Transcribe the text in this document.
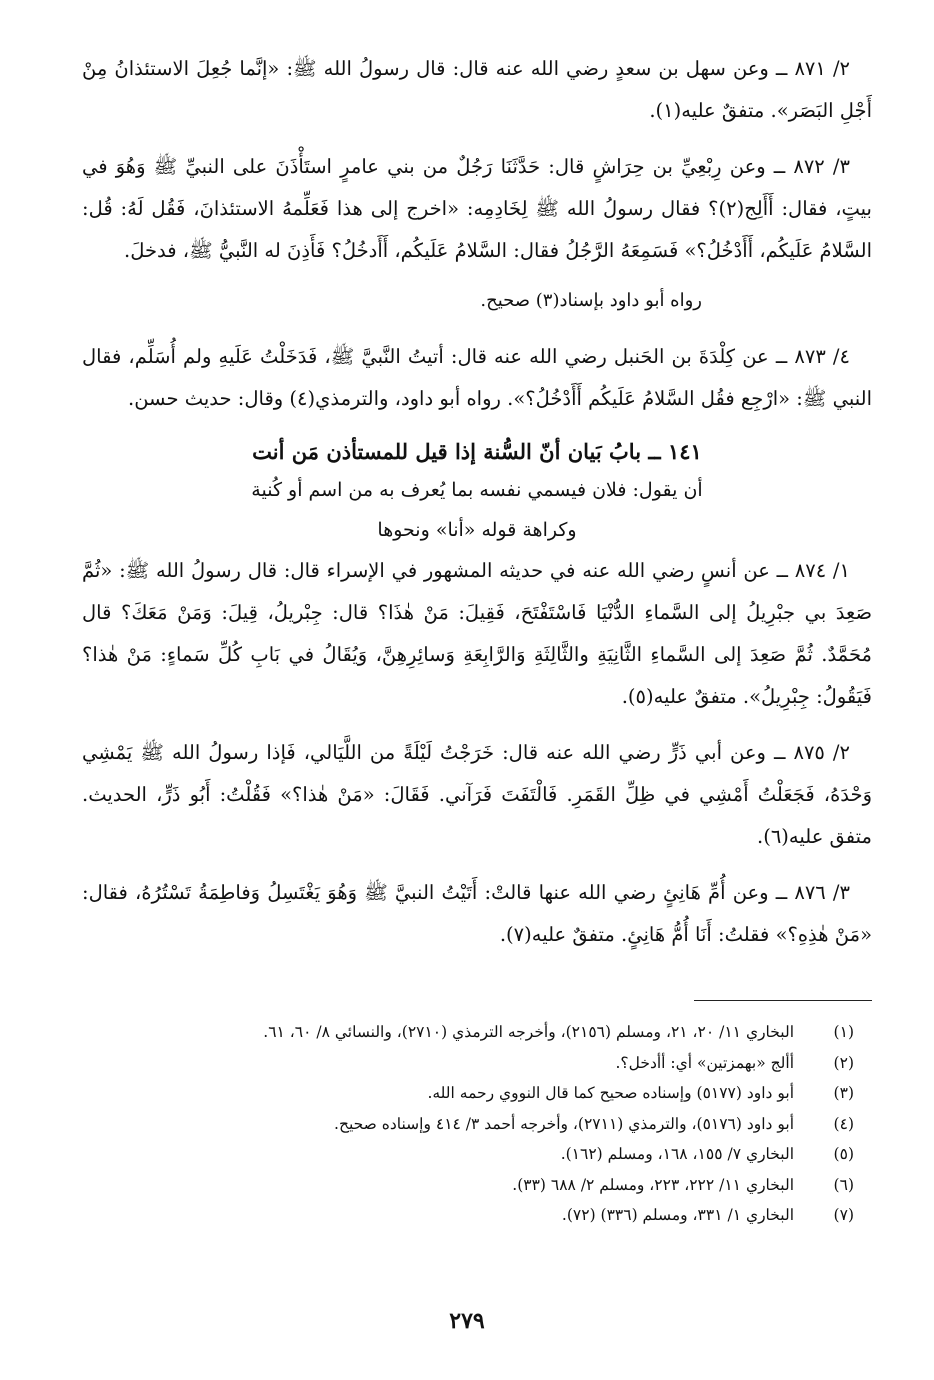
٢/ ٨٧١ ــ وعن سهل بن سعدٍ رضي الله عنه قال: قال رسولُ الله ﷺ: «إنَّما جُعِلَ الاستئذانُ مِنْ أَجْلِ البَصَر». متفقٌ عليه(١).

٣/ ٨٧٢ ــ وعن رِبْعِيِّ بن حِرَاشٍ قال: حَدَّثَنَا رَجُلٌ من بني عامرٍ استَأْذَنَ على النبيِّ ﷺ وَهُوَ في بيتٍ، فقال: أَأَلِج(٢)؟ فقال رسولُ الله ﷺ لِخَادِمِه: «اخرج إلى هذا فَعَلِّمهُ الاستئذانَ، فَقُل لَهُ: قُل: السَّلامُ عَلَيكُم، أَأَدْخُلُ؟» فَسَمِعَهُ الرَّجُلُ فقال: السَّلامُ عَلَيكُم، أَأَدخُلُ؟ فَأَذِنَ له النَّبيُّ ﷺ، فدخلَ.

رواه أبو داود بإسناد(٣) صحيح.

٤/ ٨٧٣ ــ عن كِلْدَةَ بن الحَنبل رضي الله عنه قال: أتيتُ النَّبيَّ ﷺ، فَدَخَلْتُ عَلَيهِ ولم أُسَلِّم، فقال النبي ﷺ: «ارْجِع فقُل السَّلامُ عَلَيكُم أَأَدْخُلُ؟». رواه أبو داود، والترمذي(٤) وقال: حديث حسن.

١٤١ ــ بابُ بَيان أنّ السُّنة إذا قيل للمستأذن مَن أنت
أن يقول: فلان فيسمي نفسه بما يُعرف به من اسم أو كُنية
وكراهة قوله «أنا» ونحوها

١/ ٨٧٤ ــ عن أنسٍ رضي الله عنه في حديثه المشهور في الإسراء قال: قال رسولُ الله ﷺ: «ثُمَّ صَعِدَ بي جبْرِيلُ إلى السَّماءِ الدُّنْيَا فَاسْتَفْتَحَ، فَقِيلَ: مَنْ هٰذَا؟ قال: جِبْريلُ، قِيلَ: وَمَنْ مَعَكَ؟ قال مُحَمَّدٌ. ثُمَّ صَعِدَ إلى السَّماءِ الثَّانِيَةِ والثَّالِثَةِ وَالرَّابِعَةِ وَسائِرِهِنَّ، وَيُقَالُ في بَابِ كُلِّ سَماءٍ: مَنْ هٰذا؟ فَيَقُولُ: جِبْرِيلُ». متفقٌ عليه(٥).

٢/ ٨٧٥ ــ وعن أبي ذَرٍّ رضي الله عنه قال: خَرَجْتُ لَيْلَةً من اللَّيَالي، فَإذا رسولُ الله ﷺ يَمْشِي وَحْدَهُ، فَجَعَلْتُ أَمْشِي في ظِلِّ القَمَرِ. فَالْتَفَتَ فَرَآني. فَقَالَ: «مَنْ هٰذا؟» فَقُلْتُ: أَبُو ذَرٍّ، الحديث. متفق عليه(٦).

٣/ ٨٧٦ ــ وعن أُمِّ هَانِئٍ رضي الله عنها قالتْ: أَتَيْتُ النبيَّ ﷺ وَهُوَ يَغْتَسِلُ وَفاطِمَةُ تَسْتُرُهُ، فقال: «مَنْ هٰذِهِ؟» فقلتُ: أَنَا أُمُّ هَانِئٍ. متفقٌ عليه(٧).

(١)
البخاري ١١/ ٢٠، ٢١، ومسلم (٢١٥٦)، وأخرجه الترمذي (٢٧١٠)، والنسائي ٨/ ٦٠، ٦١.
(٢)
أألج «بهمزتين» أي: أأدخل؟.
(٣)
أبو داود (٥١٧٧) وإسناده صحيح كما قال النووي رحمه الله.
(٤)
أبو داود (٥١٧٦)، والترمذي (٢٧١١)، وأخرجه أحمد ٣/ ٤١٤ وإسناده صحيح.
(٥)
البخاري ٧/ ١٥٥، ١٦٨، ومسلم (١٦٢).
(٦)
البخاري ١١/ ٢٢٢، ٢٢٣، ومسلم ٢/ ٦٨٨ (٣٣).
(٧)
البخاري ١/ ٣٣١، ومسلم (٣٣٦) (٧٢).
٢٧٩
